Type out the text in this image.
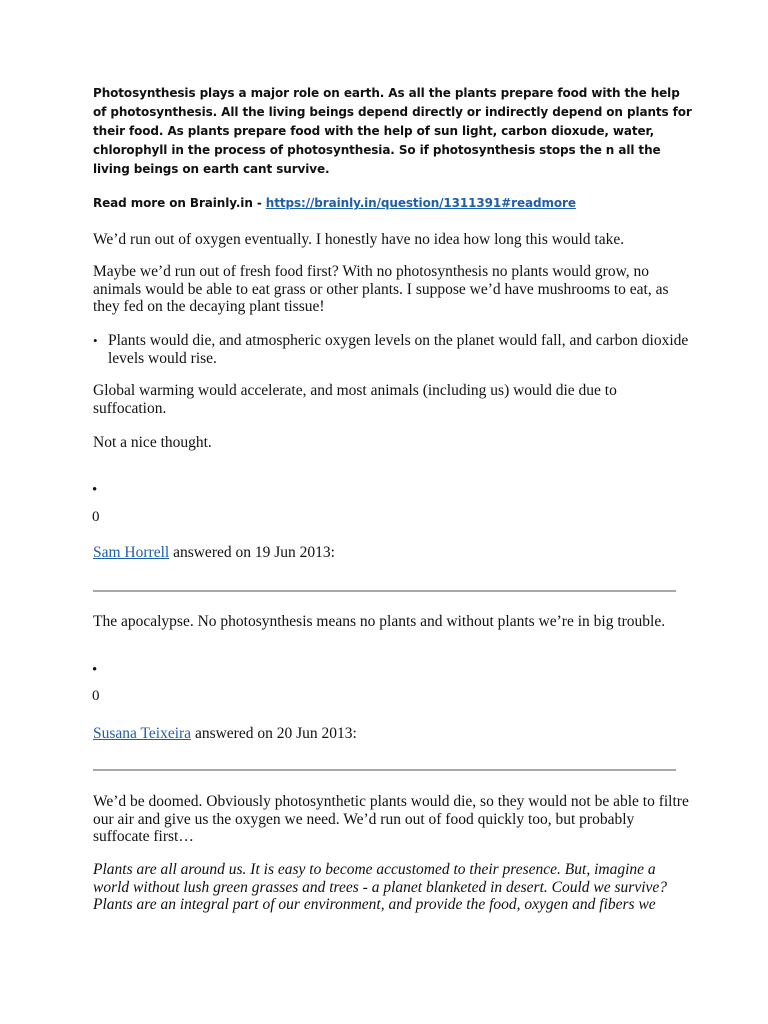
Photosynthesis plays a major role on earth. As all the plants prepare food with the help of photosynthesis. All the living beings depend directly or indirectly depend on plants for their food. As plants prepare food with the help of sun light, carbon dioxude, water, chlorophyll in the process of photosynthesia. So if photosynthesis stops the n all the living beings on earth cant survive.

Read more on Brainly.in - https://brainly.in/question/1311391#readmore

We’d run out of oxygen eventually. I honestly have no idea how long this would take.

Maybe we’d run out of fresh food first? With no photosynthesis no plants would grow, no animals would be able to eat grass or other plants. I suppose we’d have mushrooms to eat, as they fed on the decaying plant tissue!

• Plants would die, and atmospheric oxygen levels on the planet would fall, and carbon dioxide levels would rise.

Global warming would accelerate, and most animals (including us) would die due to suffocation.

Not a nice thought.

•
0

Sam Horrell answered on 19 Jun 2013:

The apocalypse. No photosynthesis means no plants and without plants we’re in big trouble.

•
0

Susana Teixeira answered on 20 Jun 2013:

We’d be doomed. Obviously photosynthetic plants would die, so they would not be able to filtre our air and give us the oxygen we need. We’d run out of food quickly too, but probably suffocate first…

Plants are all around us. It is easy to become accustomed to their presence. But, imagine a world without lush green grasses and trees - a planet blanketed in desert. Could we survive? Plants are an integral part of our environment, and provide the food, oxygen and fibers we
